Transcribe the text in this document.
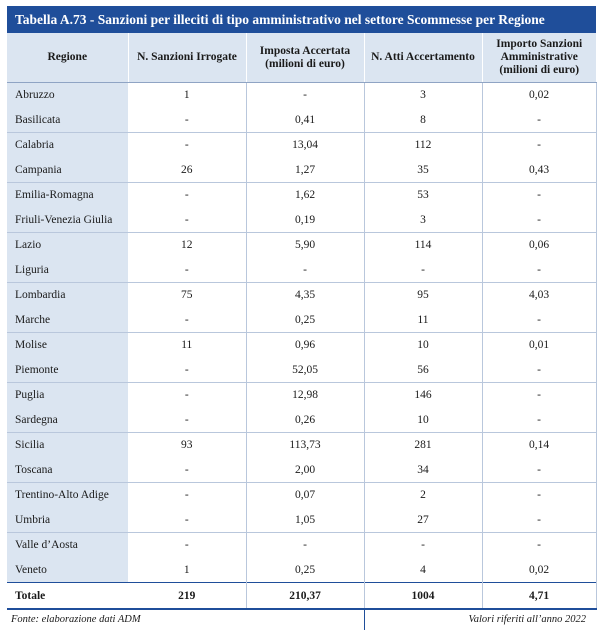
Tabella A.73 - Sanzioni per illeciti di tipo amministrativo nel settore Scommesse per Regione
Regione	N. Sanzioni Irrogate	Imposta Accertata (milioni di euro)	N. Atti Accertamento	Importo Sanzioni Amministrative (milioni di euro)
Abruzzo	1	-	3	0,02
Basilicata	-	0,41	8	-
Calabria	-	13,04	112	-
Campania	26	1,27	35	0,43
Emilia-Romagna	-	1,62	53	-
Friuli-Venezia Giulia	-	0,19	3	-
Lazio	12	5,90	114	0,06
Liguria	-	-	-	-
Lombardia	75	4,35	95	4,03
Marche	-	0,25	11	-
Molise	11	0,96	10	0,01
Piemonte	-	52,05	56	-
Puglia	-	12,98	146	-
Sardegna	-	0,26	10	-
Sicilia	93	113,73	281	0,14
Toscana	-	2,00	34	-
Trentino-Alto Adige	-	0,07	2	-
Umbria	-	1,05	27	-
Valle d’Aosta	-	-	-	-
Veneto	1	0,25	4	0,02
Totale	219	210,37	1004	4,71
Fonte: elaborazione dati ADM	Valori riferiti all’anno 2022
